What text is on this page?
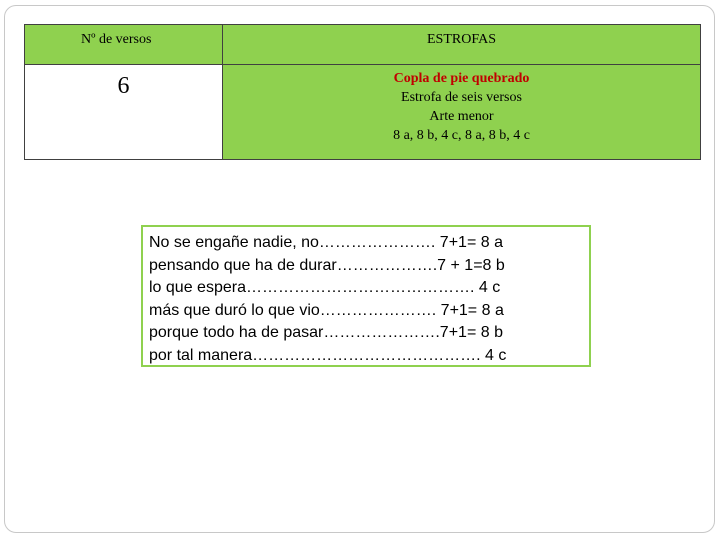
Nº de versos	ESTROFAS
6	Copla de pie quebrado
Estrofa de seis versos
Arte menor
8 a, 8 b, 4 c, 8 a, 8 b, 4 c
No se engañe nadie, no…………………. 7+1= 8 a
pensando que ha de durar……………….7 + 1=8 b
lo que espera……………………………………. 4 c
más que duró lo que vio…………………. 7+1= 8 a
porque todo ha de pasar………………….7+1= 8 b
por tal manera……………………………………. 4 c
